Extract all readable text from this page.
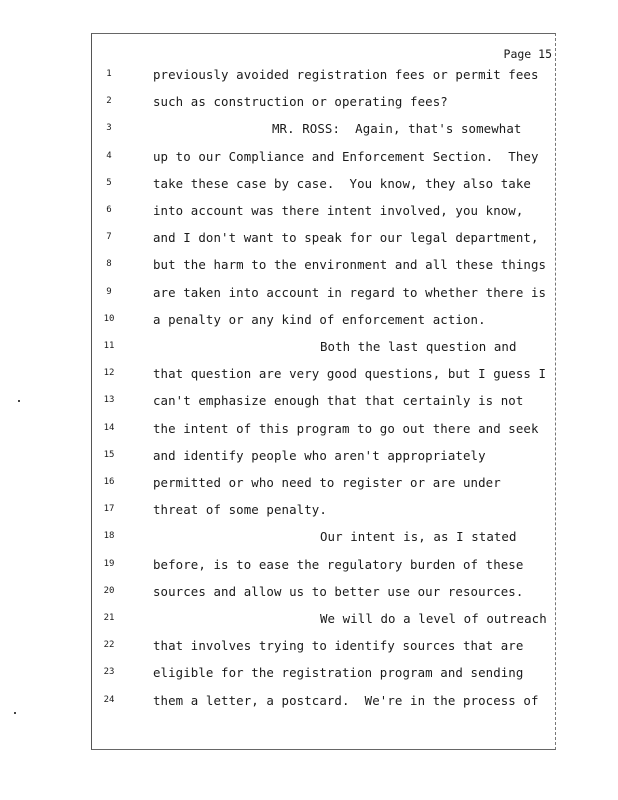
Page 15
1	previously avoided registration fees or permit fees
2	such as construction or operating fees?
3	MR. ROSS:  Again, that's somewhat
4	up to our Compliance and Enforcement Section.  They
5	take these case by case.  You know, they also take
6	into account was there intent involved, you know,
7	and I don't want to speak for our legal department,
8	but the harm to the environment and all these things
9	are taken into account in regard to whether there is
10	a penalty or any kind of enforcement action.
11	Both the last question and
12	that question are very good questions, but I guess I
13	can't emphasize enough that that certainly is not
14	the intent of this program to go out there and seek
15	and identify people who aren't appropriately
16	permitted or who need to register or are under
17	threat of some penalty.
18	Our intent is, as I stated
19	before, is to ease the regulatory burden of these
20	sources and allow us to better use our resources.
21	We will do a level of outreach
22	that involves trying to identify sources that are
23	eligible for the registration program and sending
24	them a letter, a postcard.  We're in the process of
